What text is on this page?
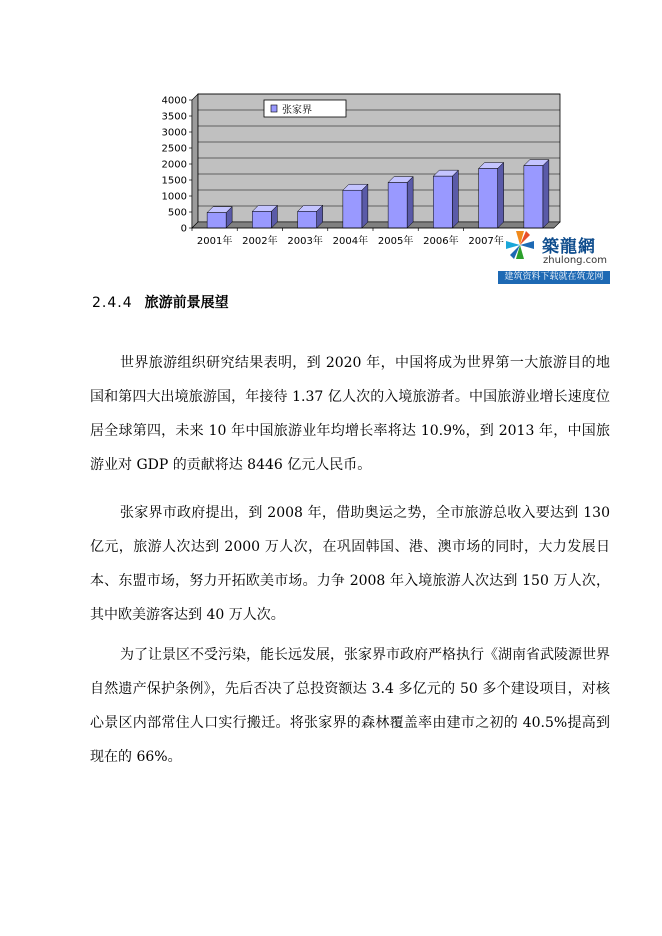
0
500
1000
1500
2000
2500
3000
3500
4000
2001年 2002年 2003年 2004年 2005年 2006年 2007年
张家界
築龍網
zhulong.com
建筑资料下载就在筑龙网
2.4.4 旅游前景展望

世界旅游组织研究结果表明，到 2020 年，中国将成为世界第一大旅游目的地国和第四大出境旅游国，年接待 1.37 亿人次的入境旅游者。中国旅游业增长速度位居全球第四，未来 10 年中国旅游业年均增长率将达 10.9%，到 2013 年，中国旅游业对 GDP 的贡献将达 8446 亿元人民币。

张家界市政府提出，到 2008 年，借助奥运之势，全市旅游总收入要达到 130 亿元，旅游人次达到 2000 万人次，在巩固韩国、港、澳市场的同时，大力发展日本、东盟市场，努力开拓欧美市场。力争 2008 年入境旅游人次达到 150 万人次，其中欧美游客达到 40 万人次。

为了让景区不受污染，能长远发展，张家界市政府严格执行《湖南省武陵源世界自然遗产保护条例》，先后否决了总投资额达 3.4 多亿元的 50 多个建设项目，对核心景区内部常住人口实行搬迁。将张家界的森林覆盖率由建市之初的 40.5%提高到现在的 66%。
